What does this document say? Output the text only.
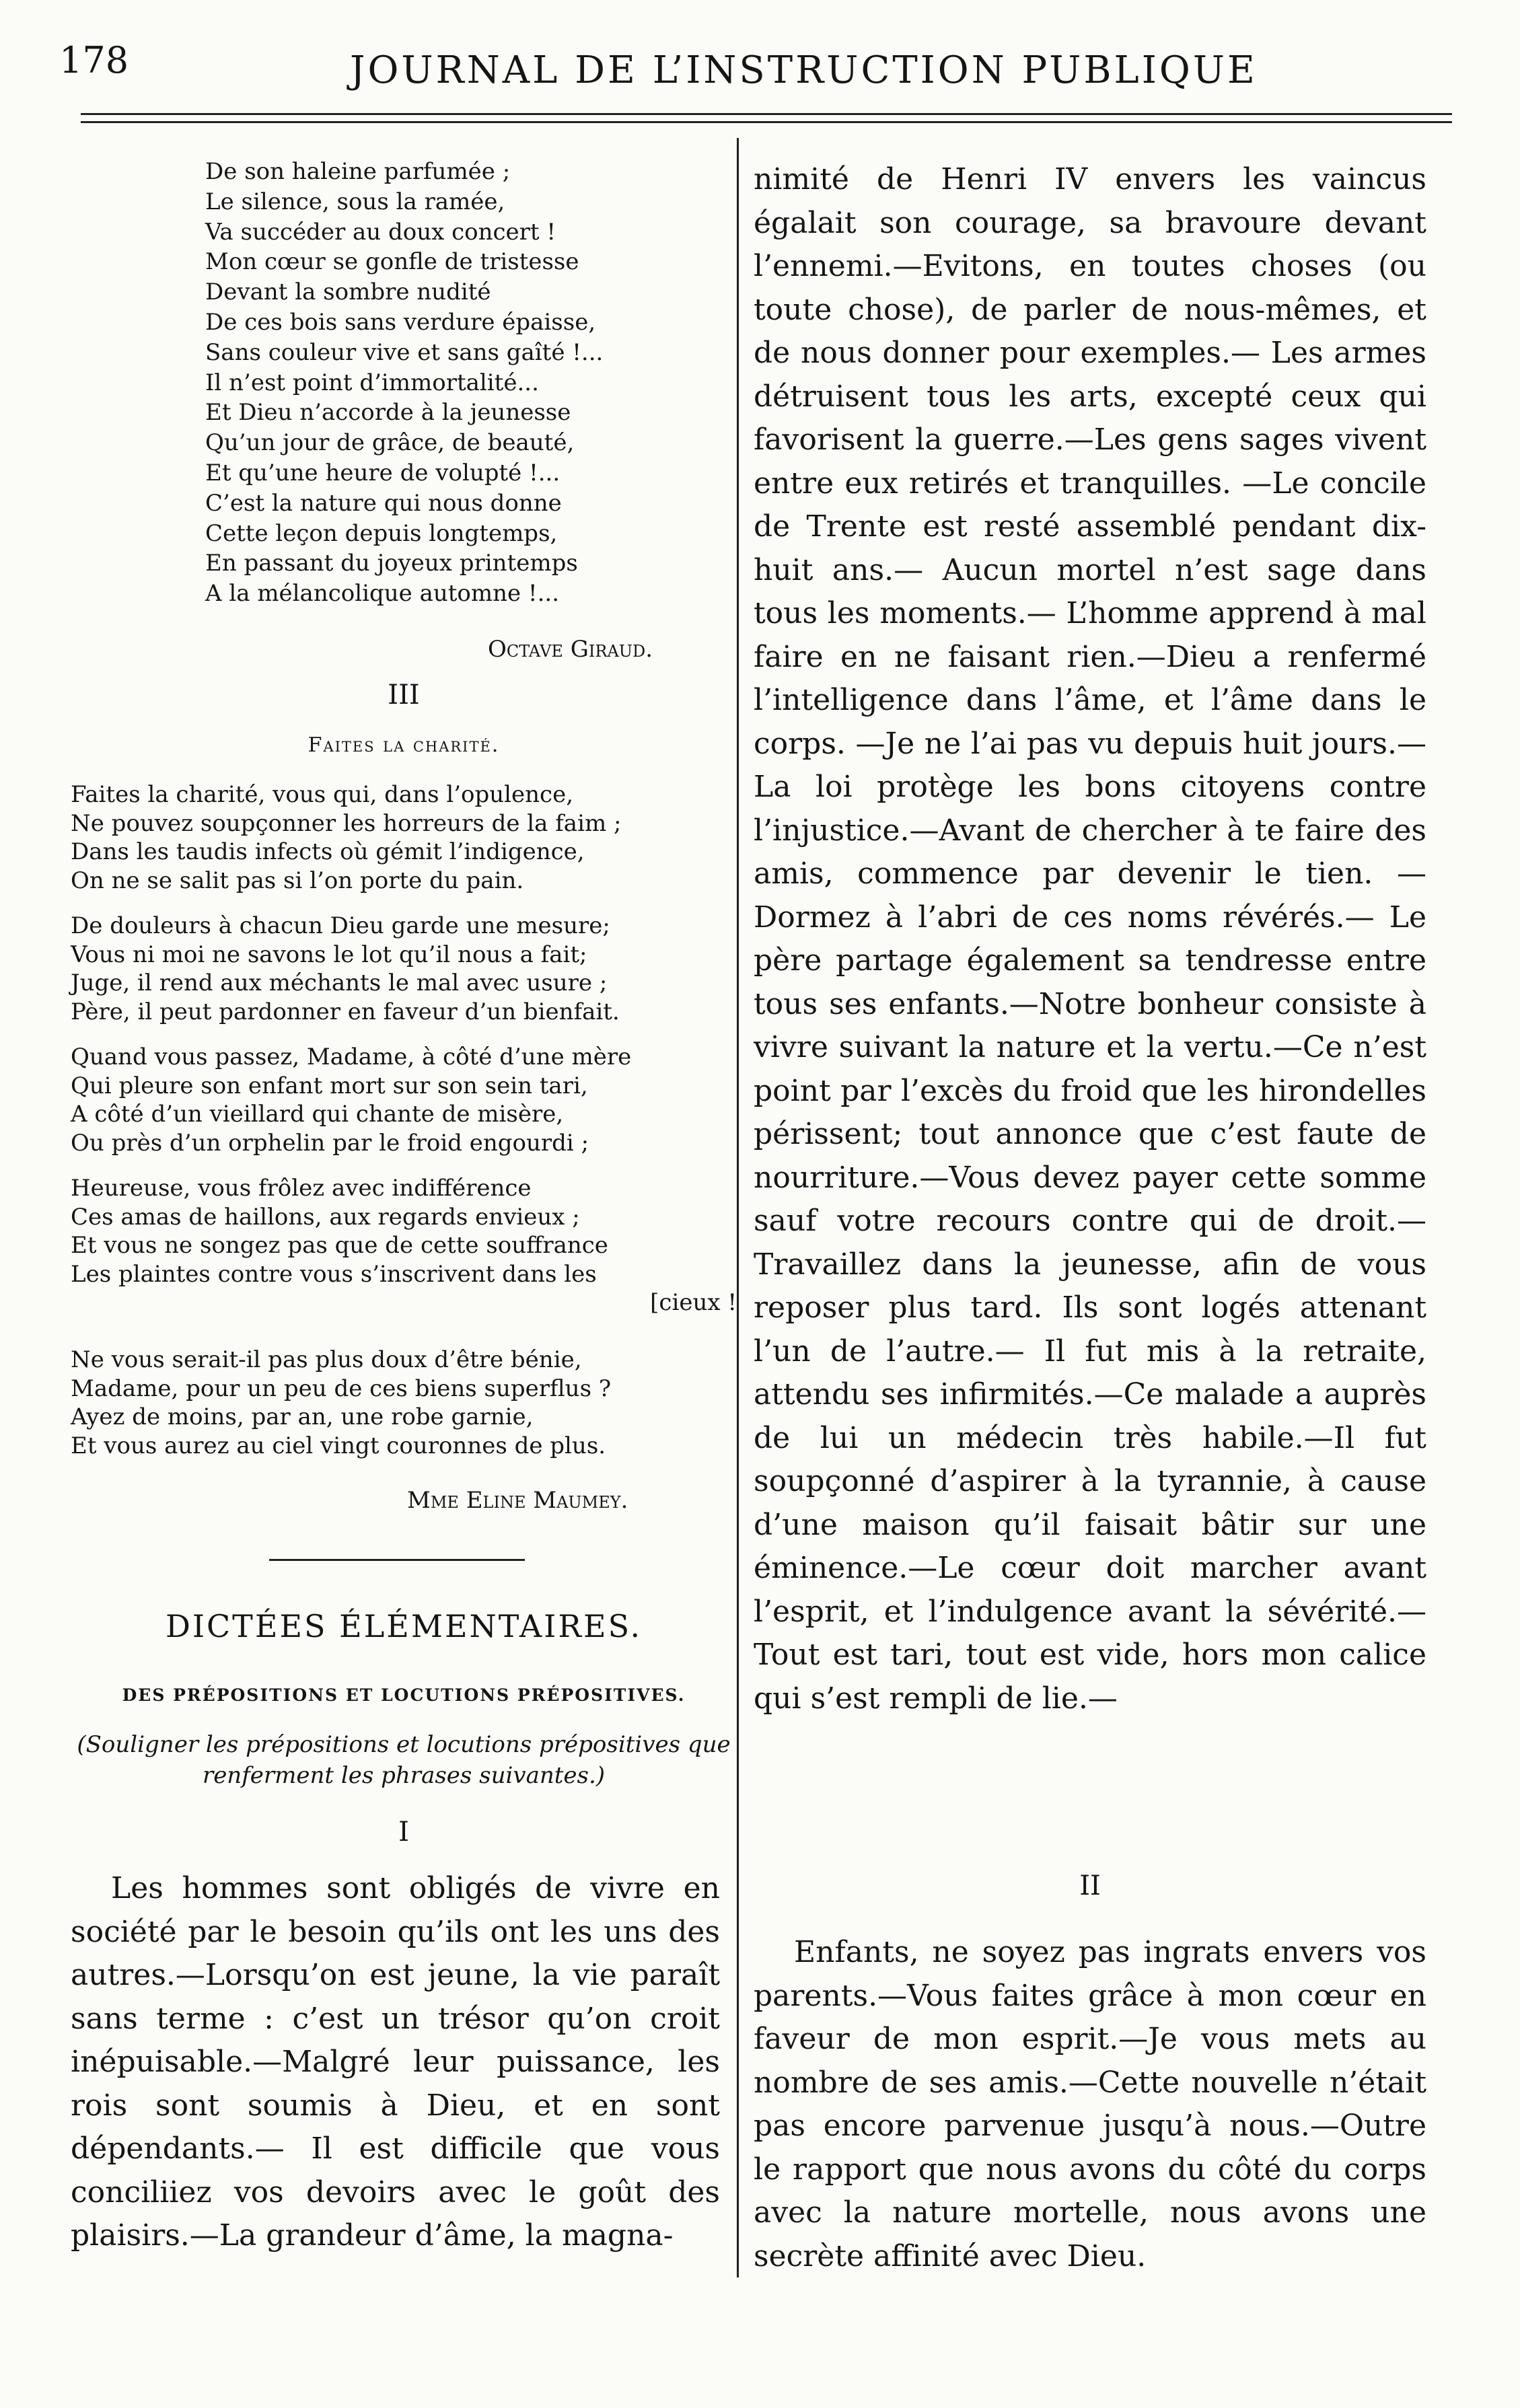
178	JOURNAL DE L’INSTRUCTION PUBLIQUE
De son haleine parfumée ;
Le silence, sous la ramée,
Va succéder au doux concert !
Mon cœur se gonfle de tristesse
Devant la sombre nudité
De ces bois sans verdure épaisse,
Sans couleur vive et sans gaîté !...
Il n’est point d’immortalité...
Et Dieu n’accorde à la jeunesse
Qu’un jour de grâce, de beauté,
Et qu’une heure de volupté !...
C’est la nature qui nous donne
Cette leçon depuis longtemps,
En passant du joyeux printemps
A la mélancolique automne !...
Octave Giraud.
III
Faites la charité.
Faites la charité, vous qui, dans l’opulence,
Ne pouvez soupçonner les horreurs de la faim ;
Dans les taudis infects où gémit l’indigence,
On ne se salit pas si l’on porte du pain.
De douleurs à chacun Dieu garde une mesure;
Vous ni moi ne savons le lot qu’il nous a fait;
Juge, il rend aux méchants le mal avec usure ;
Père, il peut pardonner en faveur d’un bienfait.
Quand vous passez, Madame, à côté d’une mère
Qui pleure son enfant mort sur son sein tari,
A côté d’un vieillard qui chante de misère,
Ou près d’un orphelin par le froid engourdi ;
Heureuse, vous frôlez avec indifférence
Ces amas de haillons, aux regards envieux ;
Et vous ne songez pas que de cette souffrance
Les plaintes contre vous s’inscrivent dans les
[cieux !
Ne vous serait-il pas plus doux d’être bénie,
Madame, pour un peu de ces biens superflus ?
Ayez de moins, par an, une robe garnie,
Et vous aurez au ciel vingt couronnes de plus.
Mme Eline Maumey.
DICTÉES ÉLÉMENTAIRES.
DES PRÉPOSITIONS ET LOCUTIONS PRÉPOSITIVES.
(Souligner les prépositions et locutions prépositives que renferment les phrases suivantes.)
I

Les hommes sont obligés de vivre en société par le besoin qu’ils ont les uns des autres.—Lorsqu’on est jeune, la vie paraît sans terme : c’est un trésor qu’on croit inépuisable.—Malgré leur puissance, les rois sont soumis à Dieu, et en sont dépendants.— Il est difficile que vous conciliiez vos devoirs avec le goût des plaisirs.—La grandeur d’âme, la magna-

nimité de Henri IV envers les vaincus égalait son courage, sa bravoure devant l’ennemi.—Evitons, en toutes choses (ou toute chose), de parler de nous-mêmes, et de nous donner pour exemples.— Les armes détruisent tous les arts, excepté ceux qui favorisent la guerre.—Les gens sages vivent entre eux retirés et tranquilles. —Le concile de Trente est resté assemblé pendant dix-huit ans.— Aucun mortel n’est sage dans tous les moments.— L’homme apprend à mal faire en ne faisant rien.—Dieu a renfermé l’intelligence dans l’âme, et l’âme dans le corps. —Je ne l’ai pas vu depuis huit jours.— La loi protège les bons citoyens contre l’injustice.—Avant de chercher à te faire des amis, commence par devenir le tien. —Dormez à l’abri de ces noms révérés.— Le père partage également sa tendresse entre tous ses enfants.—Notre bonheur consiste à vivre suivant la nature et la vertu.—Ce n’est point par l’excès du froid que les hirondelles périssent; tout annonce que c’est faute de nourriture.—Vous devez payer cette somme sauf votre recours contre qui de droit.—Travaillez dans la jeunesse, afin de vous reposer plus tard. Ils sont logés attenant l’un de l’autre.— Il fut mis à la retraite, attendu ses infirmités.—Ce malade a auprès de lui un médecin très habile.—Il fut soupçonné d’aspirer à la tyrannie, à cause d’une maison qu’il faisait bâtir sur une éminence.—Le cœur doit marcher avant l’esprit, et l’indulgence avant la sévérité.— Tout est tari, tout est vide, hors mon calice qui s’est rempli de lie.—

II

Enfants, ne soyez pas ingrats envers vos parents.—Vous faites grâce à mon cœur en faveur de mon esprit.—Je vous mets au nombre de ses amis.—Cette nouvelle n’était pas encore parvenue jusqu’à nous.—Outre le rapport que nous avons du côté du corps avec la nature mortelle, nous avons une secrète affinité avec Dieu.
